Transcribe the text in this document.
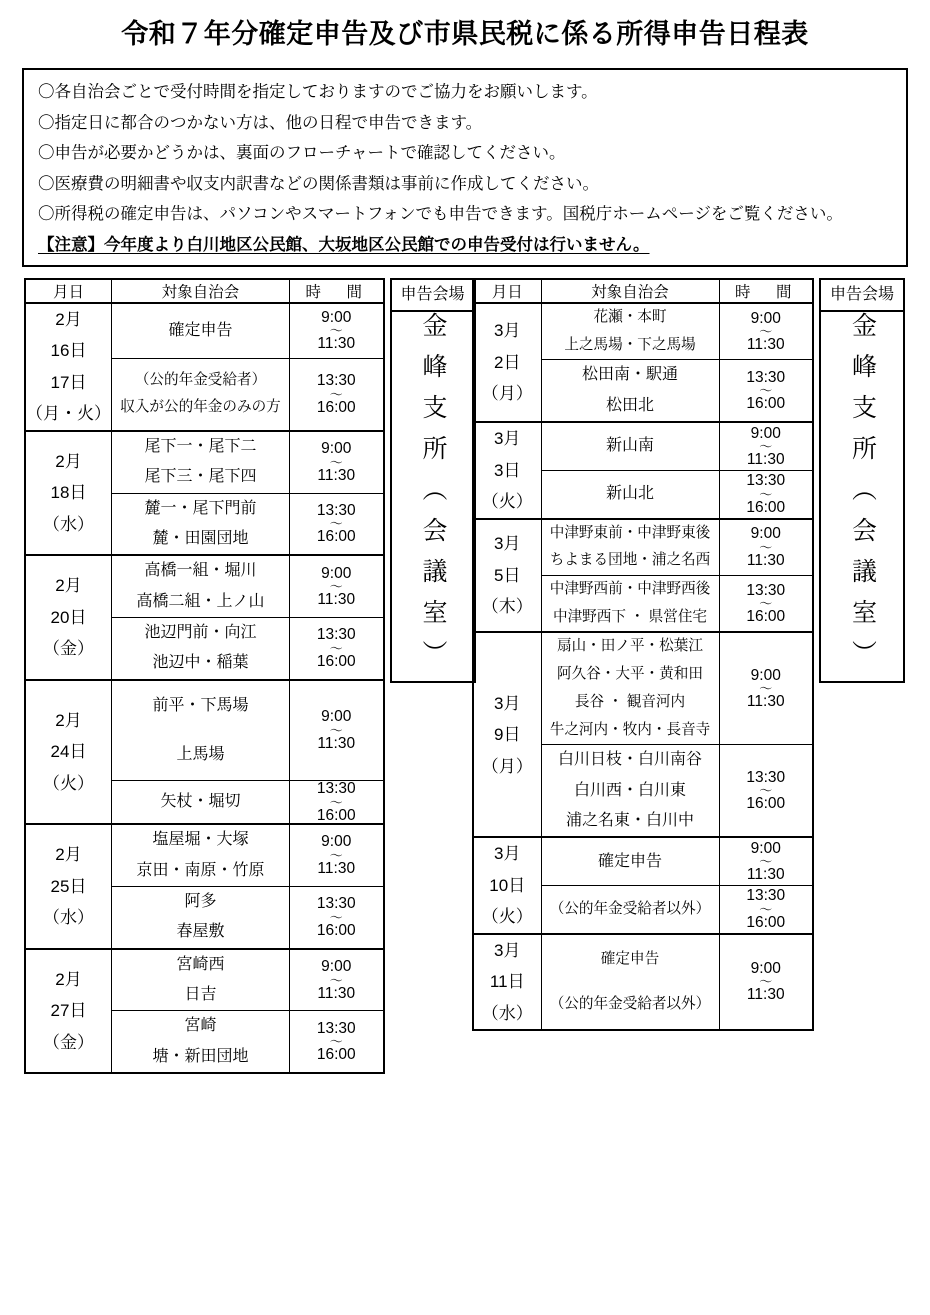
令和７年分確定申告及び市県民税に係る所得申告日程表
〇各自治会ごとで受付時間を指定しておりますのでご協力をお願いします。
〇指定日に都合のつかない方は、他の日程で申告できます。
〇申告が必要かどうかは、裏面のフローチャートで確認してください。
〇医療費の明細書や収支内訳書などの関係書類は事前に作成してください。
〇所得税の確定申告は、パソコンやスマートフォンでも申告できます。国税庁ホームページをご覧ください。
【注意】今年度より白川地区公民館、大坂地区公民館での申告受付は行いません。
月日	対象自治会	時　間

2月
16日
17日
（月・火）	確定申告	9:00
〜
11:30

	（公的年金受給者）
収入が公的年金のみの方	13:30
〜
16:00

2月
18日
（水）	尾下一・尾下二
尾下三・尾下四	9:00
〜
11:30

	麓一・尾下門前
麓・田園団地	13:30
〜
16:00

2月
20日
（金）	高橋一組・堀川
高橋二組・上ノ山	9:00
〜
11:30

	池辺門前・向江
池辺中・稲葉	13:30
〜
16:00

2月
24日
（火）	前平・下馬場
上馬場	9:00
〜
11:30

	矢杖・堀切	13:30
〜
16:00

2月
25日
（水）	塩屋堀・大塚
京田・南原・竹原	9:00
〜
11:30

	阿多
春屋敷	13:30
〜
16:00

2月
27日
（金）	宮崎西
日吉	9:00
〜
11:30

	宮崎
塘・新田団地	13:30
〜
16:00
申告会場
金峰支所（会議室）
月日	対象自治会	時　間

3月
2日
（月）	花瀬・本町
上之馬場・下之馬場	9:00
〜
11:30

	松田南・駅通
松田北	13:30
〜
16:00

3月
3日
（火）	新山南	9:00
〜
11:30

	新山北	13:30
〜
16:00

3月
5日
（木）	中津野東前・中津野東後
ちよまる団地・浦之名西	9:00
〜
11:30

	中津野西前・中津野西後
中津野西下 ・ 県営住宅	13:30
〜
16:00

3月
9日
（月）	扇山・田ノ平・松葉江
阿久谷・大平・黄和田
長谷 ・ 観音河内
牛之河内・牧内・長音寺	9:00
〜
11:30

	白川日枝・白川南谷
白川西・白川東
浦之名東・白川中	13:30
〜
16:00

3月
10日
（火）	確定申告	9:00
〜
11:30

	（公的年金受給者以外）	13:30
〜
16:00

3月
11日
（水）	確定申告
（公的年金受給者以外）	9:00
〜
11:30
申告会場
金峰支所（会議室）
